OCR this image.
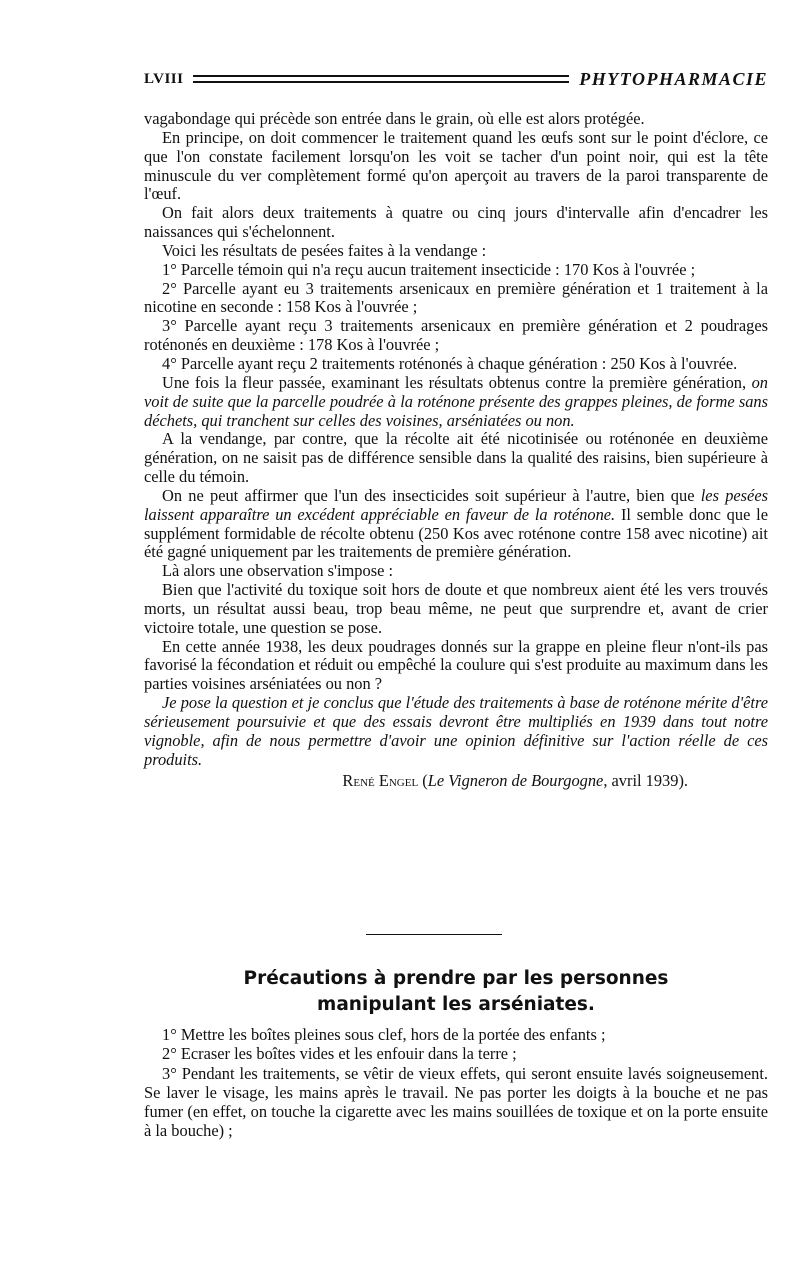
LVIII	PHYTOPHARMACIE

vagabondage qui précède son entrée dans le grain, où elle est alors protégée.

En principe, on doit commencer le traitement quand les œufs sont sur le point d'éclore, ce que l'on constate facilement lorsqu'on les voit se tacher d'un point noir, qui est la tête minuscule du ver complètement formé qu'on aperçoit au travers de la paroi transparente de l'œuf.

On fait alors deux traitements à quatre ou cinq jours d'intervalle afin d'encadrer les naissances qui s'échelonnent.

Voici les résultats de pesées faites à la vendange :

1° Parcelle témoin qui n'a reçu aucun traitement insecticide : 170 Kos à l'ouvrée ;

2° Parcelle ayant eu 3 traitements arsenicaux en première génération et 1 traitement à la nicotine en seconde : 158 Kos à l'ouvrée ;

3° Parcelle ayant reçu 3 traitements arsenicaux en première génération et 2 poudrages roténonés en deuxième : 178 Kos à l'ouvrée ;

4° Parcelle ayant reçu 2 traitements roténonés à chaque génération : 250 Kos à l'ouvrée.

Une fois la fleur passée, examinant les résultats obtenus contre la première génération, on voit de suite que la parcelle poudrée à la roténone présente des grappes pleines, de forme sans déchets, qui tranchent sur celles des voisines, arséniatées ou non.

A la vendange, par contre, que la récolte ait été nicotinisée ou roténonée en deuxième génération, on ne saisit pas de différence sensible dans la qualité des raisins, bien supérieure à celle du témoin.

On ne peut affirmer que l'un des insecticides soit supérieur à l'autre, bien que les pesées laissent apparaître un excédent appréciable en faveur de la roténone. Il semble donc que le supplément formidable de récolte obtenu (250 Kos avec roténone contre 158 avec nicotine) ait été gagné uniquement par les traitements de première génération.

Là alors une observation s'impose :

Bien que l'activité du toxique soit hors de doute et que nombreux aient été les vers trouvés morts, un résultat aussi beau, trop beau même, ne peut que surprendre et, avant de crier victoire totale, une question se pose.

En cette année 1938, les deux poudrages donnés sur la grappe en pleine fleur n'ont-ils pas favorisé la fécondation et réduit ou empêché la coulure qui s'est produite au maximum dans les parties voisines arséniatées ou non ?

Je pose la question et je conclus que l'étude des traitements à base de roténone mérite d'être sérieusement poursuivie et que des essais devront être multipliés en 1939 dans tout notre vignoble, afin de nous permettre d'avoir une opinion définitive sur l'action réelle de ces produits.

René Engel (Le Vigneron de Bourgogne, avril 1939).

Précautions à prendre par les personnes
manipulant les arséniates.

1° Mettre les boîtes pleines sous clef, hors de la portée des enfants ;

2° Ecraser les boîtes vides et les enfouir dans la terre ;

3° Pendant les traitements, se vêtir de vieux effets, qui seront ensuite lavés soigneusement. Se laver le visage, les mains après le travail. Ne pas porter les doigts à la bouche et ne pas fumer (en effet, on touche la cigarette avec les mains souillées de toxique et on la porte ensuite à la bouche) ;
